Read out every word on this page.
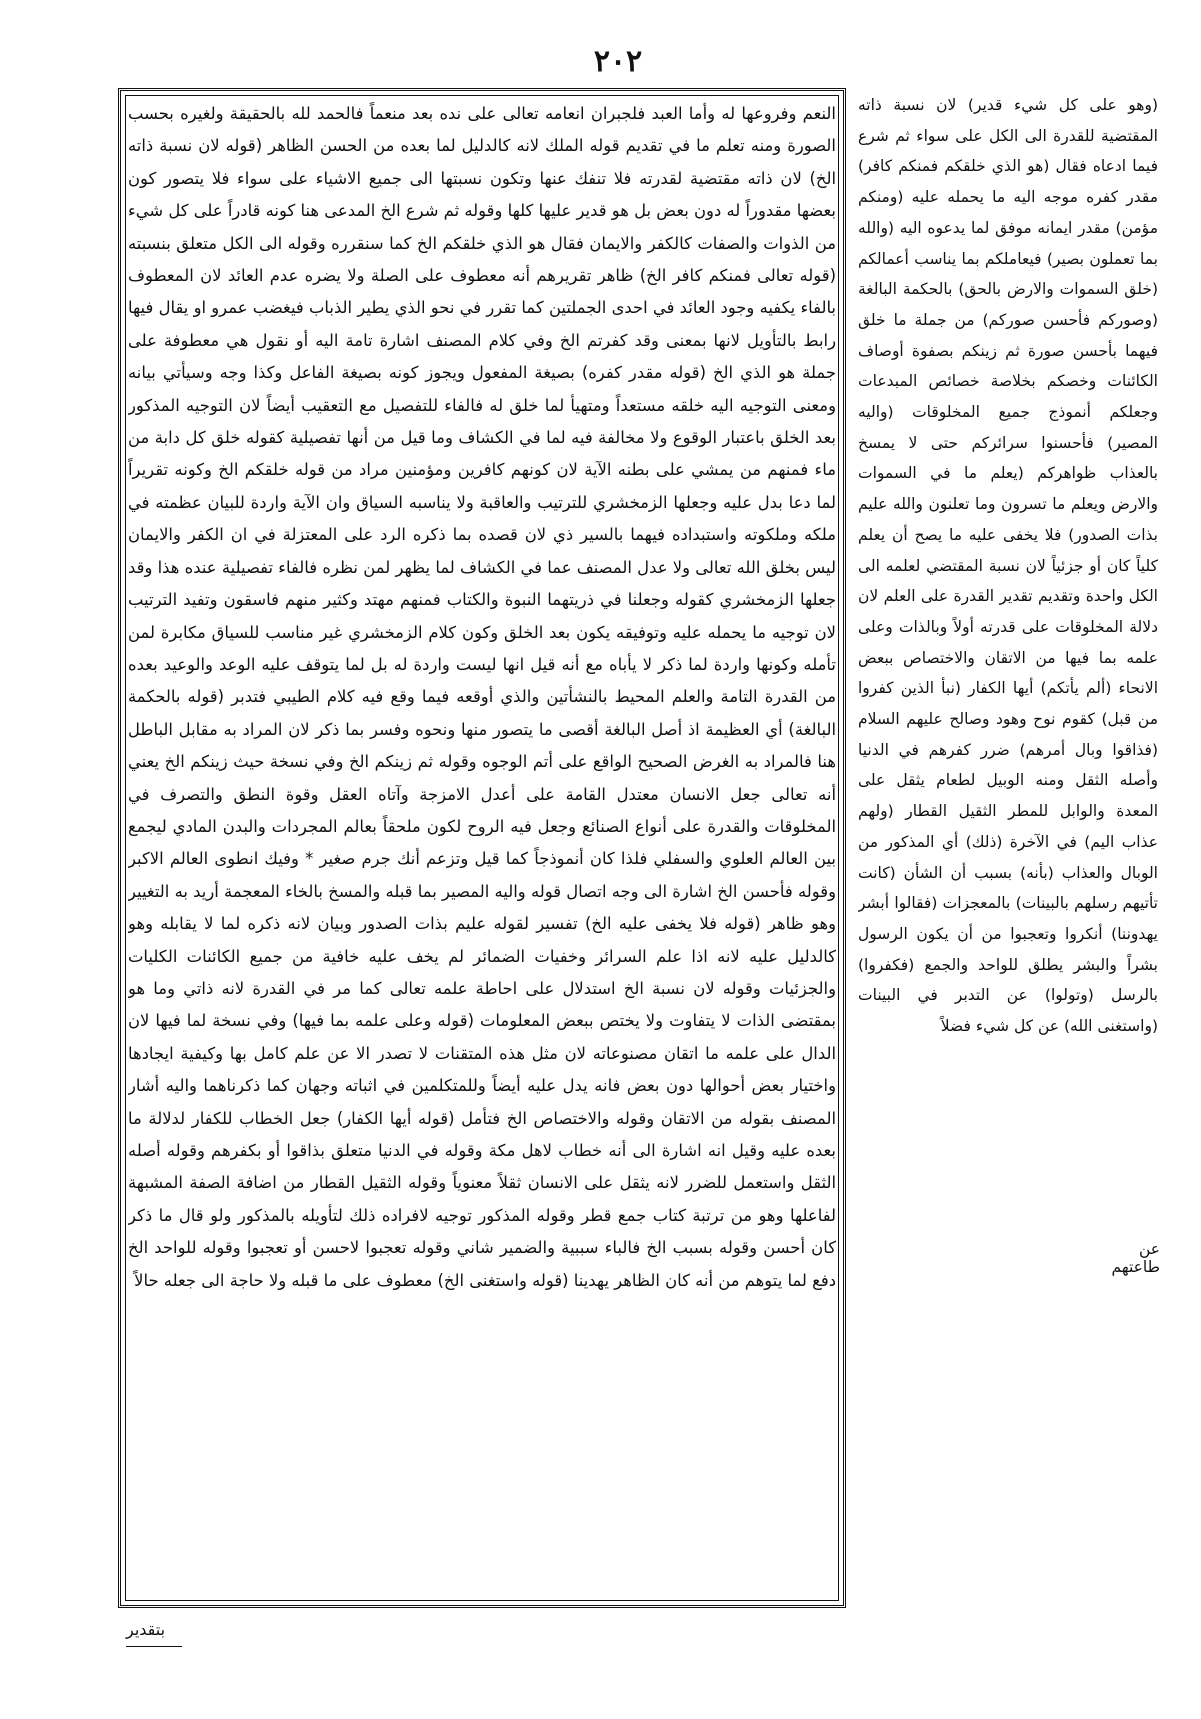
٢٠٢

النعم وفروعها له وأما العبد فلجبران انعامه تعالى على نده بعد منعماً فالحمد لله بالحقيقة ولغيره بحسب الصورة ومنه تعلم ما في تقديم قوله الملك لانه كالدليل لما بعده من الحسن الظاهر (قوله لان نسبة ذاته الخ) لان ذاته مقتضية لقدرته فلا تنفك عنها وتكون نسبتها الى جميع الاشياء على سواء فلا يتصور كون بعضها مقدوراً له دون بعض بل هو قدير عليها كلها وقوله ثم شرع الخ المدعى هنا كونه قادراً على كل شيء من الذوات والصفات كالكفر والايمان فقال هو الذي خلقكم الخ كما سنقرره وقوله الى الكل متعلق بنسبته (قوله تعالى فمنكم كافر الخ) ظاهر تقريرهم أنه معطوف على الصلة ولا يضره عدم العائد لان المعطوف بالفاء يكفيه وجود العائد في احدى الجملتين كما تقرر في نحو الذي يطير الذباب فيغضب عمرو او يقال فيها رابط بالتأويل لانها بمعنى وقد كفرتم الخ وفي كلام المصنف اشارة تامة اليه أو نقول هي معطوفة على جملة هو الذي الخ (قوله مقدر كفره) بصيغة المفعول ويجوز كونه بصيغة الفاعل وكذا وجه وسيأتي بيانه ومعنى التوجيه اليه خلقه مستعداً ومتهيأ لما خلق له فالفاء للتفصيل مع التعقيب أيضاً لان التوجيه المذكور بعد الخلق باعتبار الوقوع ولا مخالفة فيه لما في الكشاف وما قيل من أنها تفصيلية كقوله خلق كل دابة من ماء فمنهم من يمشي على بطنه الآية لان كونهم كافرين ومؤمنين مراد من قوله خلقكم الخ وكونه تقريراً لما دعا بدل عليه وجعلها الزمخشري للترتيب والعاقبة ولا يناسبه السياق وان الآية واردة للبيان عظمته في ملكه وملكوته واستبداده فيهما بالسير ذي لان قصده بما ذكره الرد على المعتزلة في ان الكفر والايمان ليس بخلق الله تعالى ولا عدل المصنف عما في الكشاف لما يظهر لمن نظره فالفاء تفصيلية عنده هذا وقد جعلها الزمخشري كقوله وجعلنا في ذريتهما النبوة والكتاب فمنهم مهتد وكثير منهم فاسقون وتفيد الترتيب لان توجيه ما يحمله عليه وتوفيقه يكون بعد الخلق وكون كلام الزمخشري غير مناسب للسياق مكابرة لمن تأمله وكونها واردة لما ذكر لا يأباه مع أنه قيل انها ليست واردة له بل لما يتوقف عليه الوعد والوعيد بعده من القدرة التامة والعلم المحيط بالنشأتين والذي أوقعه فيما وقع فيه كلام الطيبي فتدبر (قوله بالحكمة البالغة) أي العظيمة اذ أصل البالغة أقصى ما يتصور منها ونحوه وفسر بما ذكر لان المراد به مقابل الباطل هنا فالمراد به الغرض الصحيح الواقع على أتم الوجوه وقوله ثم زينكم الخ وفي نسخة حيث زينكم الخ يعني أنه تعالى جعل الانسان معتدل القامة على أعدل الامزجة وآتاه العقل وقوة النطق والتصرف في المخلوقات والقدرة على أنواع الصنائع وجعل فيه الروح لكون ملحقاً بعالم المجردات والبدن المادي ليجمع بين العالم العلوي والسفلي فلذا كان أنموذجاً كما قيل وتزعم أنك جرم صغير * وفيك انطوى العالم الاكبر وقوله فأحسن الخ اشارة الى وجه اتصال قوله واليه المصير بما قبله والمسخ بالخاء المعجمة أريد به التغيير وهو ظاهر (قوله فلا يخفى عليه الخ) تفسير لقوله عليم بذات الصدور وبيان لانه ذكره لما لا يقابله وهو كالدليل عليه لانه اذا علم السرائر وخفيات الضمائر لم يخف عليه خافية من جميع الكائنات الكليات والجزئيات وقوله لان نسبة الخ استدلال على احاطة علمه تعالى كما مر في القدرة لانه ذاتي وما هو بمقتضى الذات لا يتفاوت ولا يختص ببعض المعلومات (قوله وعلى علمه بما فيها) وفي نسخة لما فيها لان الدال على علمه ما اتقان مصنوعاته لان مثل هذه المتقنات لا تصدر الا عن علم كامل بها وكيفية ايجادها واختيار بعض أحوالها دون بعض فانه يدل عليه أيضاً وللمتكلمين في اثباته وجهان كما ذكرناهما واليه أشار المصنف بقوله من الاتقان وقوله والاختصاص الخ فتأمل (قوله أيها الكفار) جعل الخطاب للكفار لدلالة ما بعده عليه وقيل انه اشارة الى أنه خطاب لاهل مكة وقوله في الدنيا متعلق بذاقوا أو بكفرهم وقوله أصله الثقل واستعمل للضرر لانه يثقل على الانسان ثقلاً معنوياً وقوله الثقيل القطار من اضافة الصفة المشبهة لفاعلها وهو من ترتبة كتاب جمع قطر وقوله المذكور توجيه لافراده ذلك لتأويله بالمذكور ولو قال ما ذكر كان أحسن وقوله بسبب الخ فالباء سببية والضمير شاني وقوله تعجبوا لاحسن أو تعجبوا وقوله للواحد الخ دفع لما يتوهم من أنه كان الظاهر يهدينا (قوله واستغنى الخ) معطوف على ما قبله ولا حاجة الى جعله حالاً

(وهو على كل شيء قدير) لان نسبة ذاته المقتضية للقدرة الى الكل على سواء ثم شرع فيما ادعاه فقال (هو الذي خلقكم فمنكم كافر) مقدر كفره موجه اليه ما يحمله عليه (ومنكم مؤمن) مقدر ايمانه موفق لما يدعوه اليه (والله بما تعملون بصير) فيعاملكم بما يناسب أعمالكم (خلق السموات والارض بالحق) بالحكمة البالغة (وصوركم فأحسن صوركم) من جملة ما خلق فيهما بأحسن صورة ثم زينكم بصفوة أوصاف الكائنات وخصكم بخلاصة خصائص المبدعات وجعلكم أنموذج جميع المخلوقات (واليه المصير) فأحسنوا سرائركم حتى لا يمسخ بالعذاب ظواهركم (يعلم ما في السموات والارض ويعلم ما تسرون وما تعلنون والله عليم بذات الصدور) فلا يخفى عليه ما يصح أن يعلم كلياً كان أو جزئياً لان نسبة المقتضي لعلمه الى الكل واحدة وتقديم تقدير القدرة على العلم لان دلالة المخلوقات على قدرته أولاً وبالذات وعلى علمه بما فيها من الاتقان والاختصاص ببعض الانحاء (ألم يأتكم) أيها الكفار (نبأ الذين كفروا من قبل) كقوم نوح وهود وصالح عليهم السلام (فذاقوا وبال أمرهم) ضرر كفرهم في الدنيا وأصله الثقل ومنه الوبيل لطعام يثقل على المعدة والوابل للمطر الثقيل القطار (ولهم عذاب اليم) في الآخرة (ذلك) أي المذكور من الوبال والعذاب (بأنه) بسبب أن الشأن (كانت تأتيهم رسلهم بالبينات) بالمعجزات (فقالوا أبشر يهدوننا) أنكروا وتعجبوا من أن يكون الرسول بشراً والبشر يطلق للواحد والجمع (فكفروا) بالرسل (وتولوا) عن التدبر في البينات (واستغنى الله) عن كل شيء فضلاً

عن طاعتهم
بتقدير
